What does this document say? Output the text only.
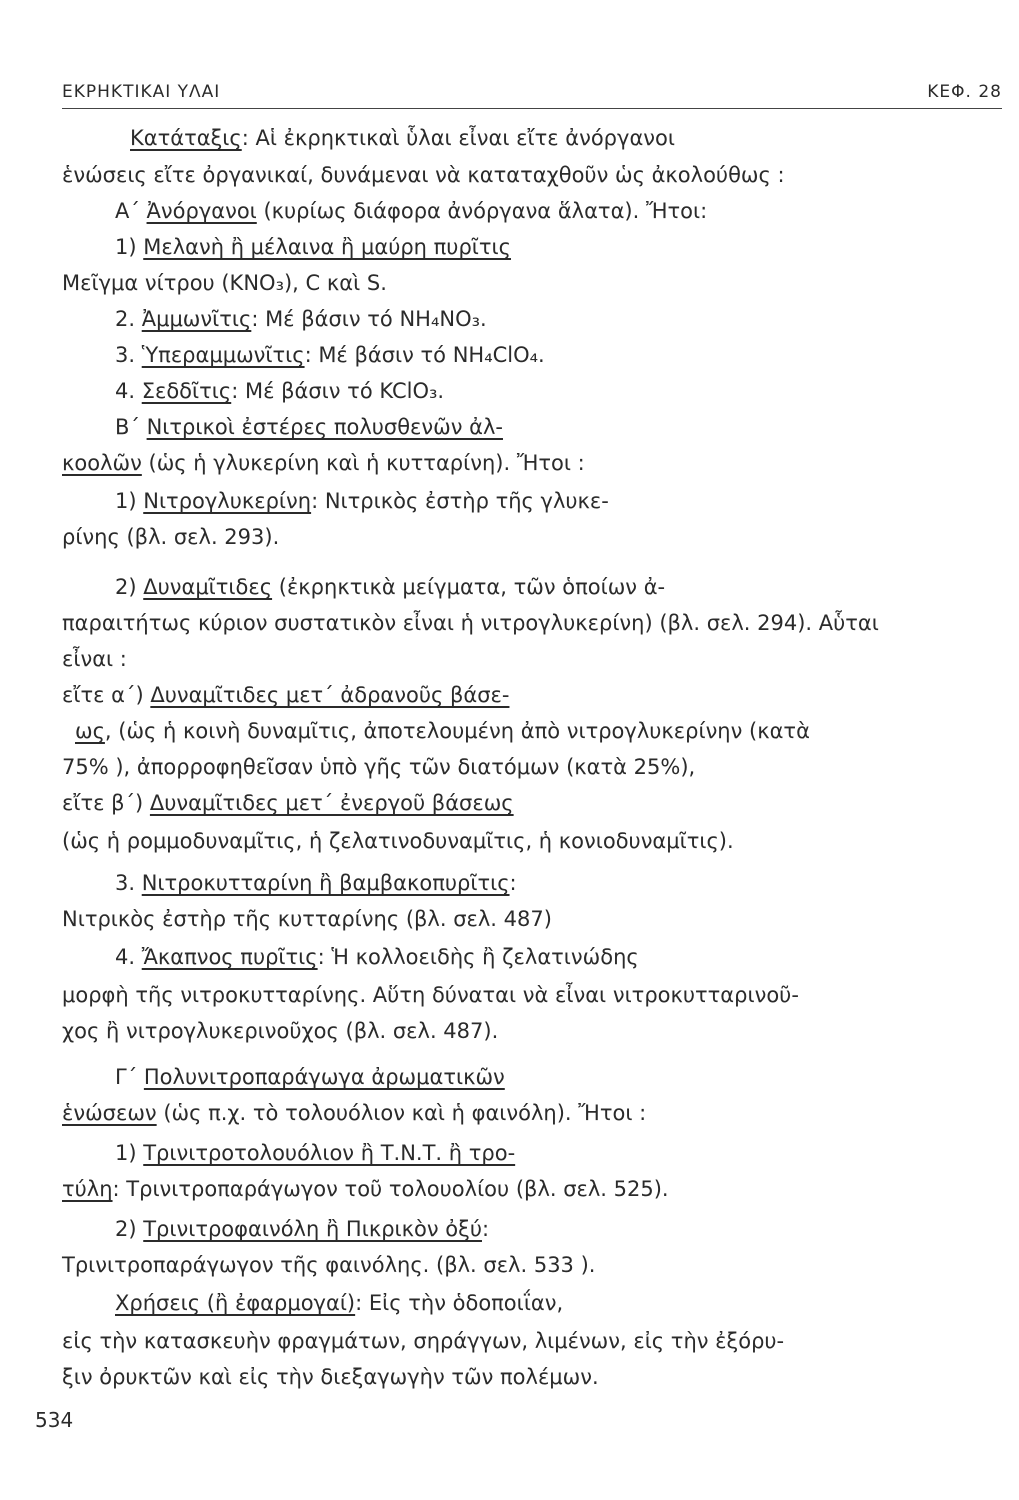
ΕΚΡΗΚΤΙΚΑΙ ΥΛΑΙ	ΚΕΦ. 28
Κατάταξις: Αἱ ἐκρηκτικαὶ ὗλαι εἶναι εἴτε ἀνόργανοι
ἑνώσεις εἴτε ὀργανικαί, δυνάμεναι νὰ καταταχθοῦν ὡς ἀκολούθως :
Α΄ Ἀνόργανοι (κυρίως διάφορα ἀνόργανα ἅλατα). Ἤτοι:
1) Μελανὴ ἢ μέλαινα ἢ μαύρη πυρῖτις
Μεῖγμα νίτρου (KNO₃), C καὶ S.
2. Ἀμμωνῖτις: Μέ βάσιν τό NH₄NO₃.
3. Ὑπεραμμωνῖτις: Μέ βάσιν τό NH₄ClO₄.
4. Σεδδῖτις: Μέ βάσιν τό KClO₃.
Β΄ Νιτρικοὶ ἐστέρες πολυσθενῶν ἀλ-
κοολῶν (ὡς ἡ γλυκερίνη καὶ ἡ κυτταρίνη). Ἤτοι :
1) Νιτρογλυκερίνη: Νιτρικὸς ἐστὴρ τῆς γλυκε-
ρίνης (βλ. σελ. 293).
2) Δυναμῖτιδες (ἐκρηκτικὰ μείγματα, τῶν ὁποίων ἀ-
παραιτήτως κύριον συστατικὸν εἶναι ἡ νιτρογλυκερίνη) (βλ. σελ. 294). Αὗται
εἶναι :
εἴτε α΄) Δυναμῖτιδες μετ΄ ἀδρανοῦς βάσε-
ως, (ὡς ἡ κοινὴ δυναμῖτις, ἀποτελουμένη ἀπὸ νιτρογλυκερίνην (κατὰ
75% ), ἀπορροφηθεῖσαν ὑπὸ γῆς τῶν διατόμων (κατὰ 25%),
εἴτε β΄) Δυναμῖτιδες μετ΄ ἐνεργοῦ βάσεως
(ὡς ἡ ρομμοδυναμῖτις, ἡ ζελατινοδυναμῖτις, ἡ κονιοδυναμῖτις).
3. Νιτροκυτταρίνη ἢ βαμβακοπυρῖτις:
Νιτρικὸς ἐστὴρ τῆς κυτταρίνης (βλ. σελ. 487)
4. Ἄκαπνος πυρῖτις: Ἡ κολλοειδὴς ἢ ζελατινώδης
μορφὴ τῆς νιτροκυτταρίνης. Αὕτη δύναται νὰ εἶναι νιτροκυτταρινοῦ-
χος ἢ νιτρογλυκερινοῦχος (βλ. σελ. 487).
Γ΄ Πολυνιτροπαράγωγα ἀρωματικῶν
ἑνώσεων (ὡς π.χ. τὸ τολουόλιον καὶ ἡ φαινόλη). Ἤτοι :
1) Τρινιτροτολουόλιον ἢ Τ.Ν.Τ. ἢ τρο-
τύλη: Τρινιτροπαράγωγον τοῦ τολουολίου (βλ. σελ. 525).
2) Τρινιτροφαινόλη ἢ Πικρικὸν ὀξύ:
Τρινιτροπαράγωγον τῆς φαινόλης. (βλ. σελ. 533 ).
Χρήσεις (ἢ ἐφαρμογαί): Εἰς τὴν ὁδοποιΐαν,
εἰς τὴν κατασκευὴν φραγμάτων, σηράγγων, λιμένων, εἰς τὴν ἐξόρυ-
ξιν ὀρυκτῶν καὶ εἰς τὴν διεξαγωγὴν τῶν πολέμων.
534
